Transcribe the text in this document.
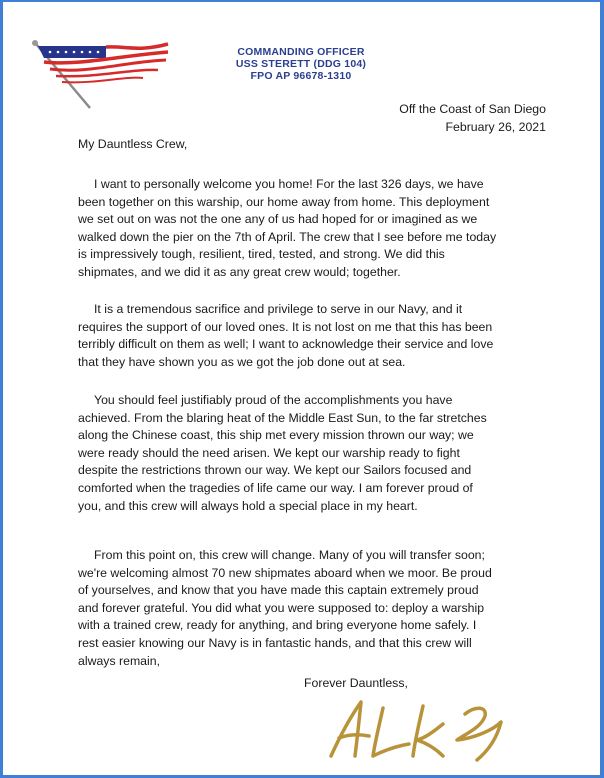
COMMANDING OFFICER
USS STERETT (DDG 104)
FPO AP 96678-1310
Off the Coast of San Diego
February 26, 2021
My Dauntless Crew,
I want to personally welcome you home! For the last 326 days, we have
been together on this warship, our home away from home. This deployment
we set out on was not the one any of us had hoped for or imagined as we
walked down the pier on the 7th of April. The crew that I see before me today
is impressively tough, resilient, tired, tested, and strong. We did this
shipmates, and we did it as any great crew would; together.
It is a tremendous sacrifice and privilege to serve in our Navy, and it
requires the support of our loved ones. It is not lost on me that this has been
terribly difficult on them as well; I want to acknowledge their service and love
that they have shown you as we got the job done out at sea.
You should feel justifiably proud of the accomplishments you have
achieved. From the blaring heat of the Middle East Sun, to the far stretches
along the Chinese coast, this ship met every mission thrown our way; we
were ready should the need arisen. We kept our warship ready to fight
despite the restrictions thrown our way. We kept our Sailors focused and
comforted when the tragedies of life came our way. I am forever proud of
you, and this crew will always hold a special place in my heart.
From this point on, this crew will change. Many of you will transfer soon;
we're welcoming almost 70 new shipmates aboard when we moor. Be proud
of yourselves, and know that you have made this captain extremely proud
and forever grateful. You did what you were supposed to: deploy a warship
with a trained crew, ready for anything, and bring everyone home safely. I
rest easier knowing our Navy is in fantastic hands, and that this crew will
always remain,
Forever Dauntless,
